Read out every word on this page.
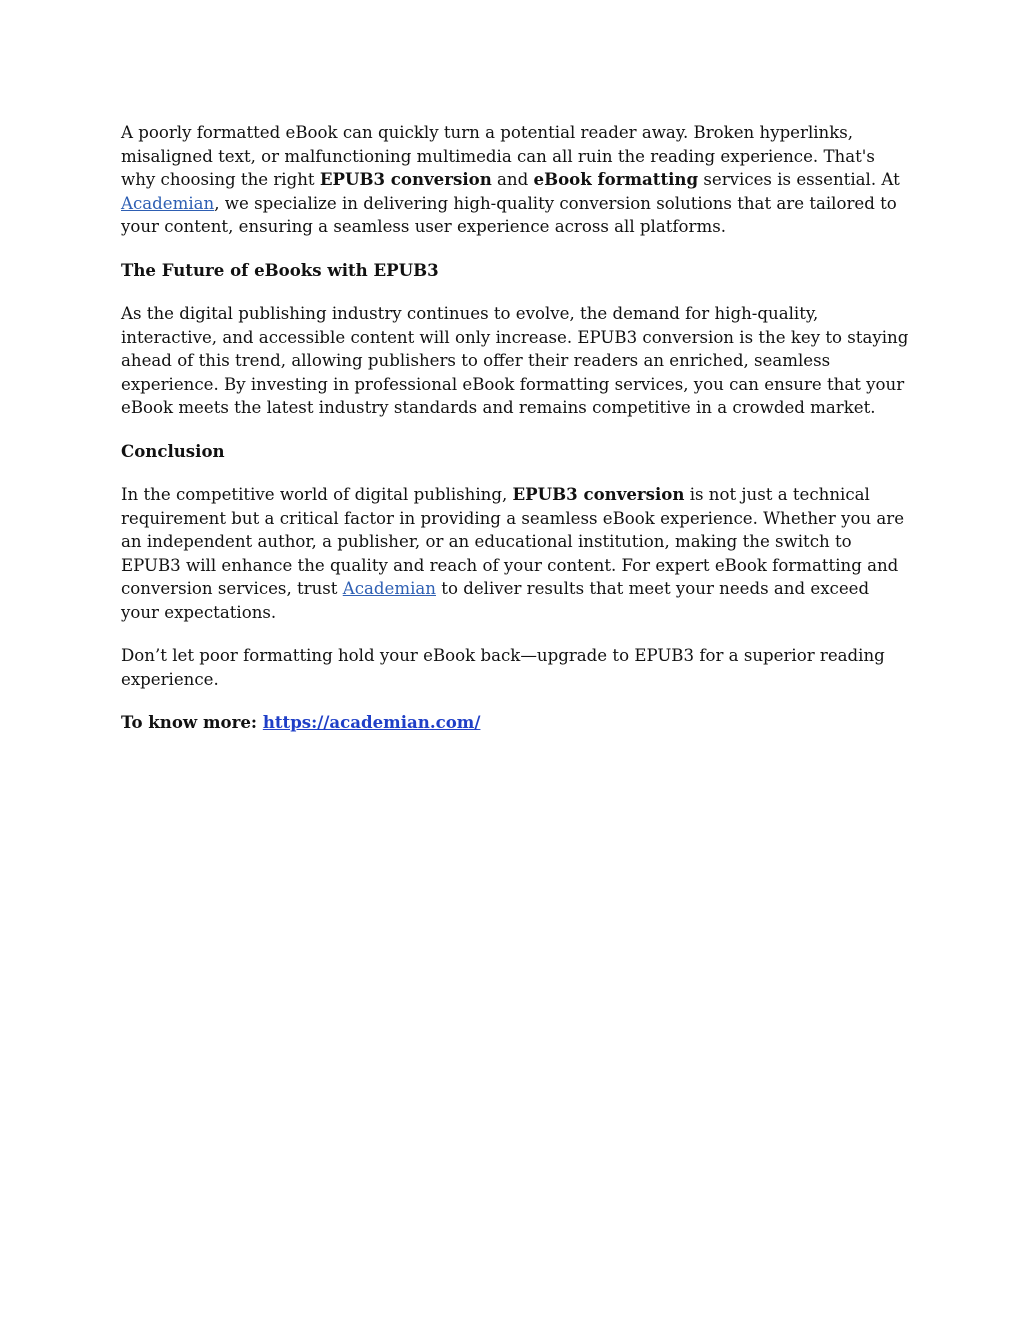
A poorly formatted eBook can quickly turn a potential reader away. Broken hyperlinks, misaligned text, or malfunctioning multimedia can all ruin the reading experience. That's why choosing the right EPUB3 conversion and eBook formatting services is essential. At Academian, we specialize in delivering high-quality conversion solutions that are tailored to your content, ensuring a seamless user experience across all platforms.

The Future of eBooks with EPUB3

As the digital publishing industry continues to evolve, the demand for high-quality, interactive, and accessible content will only increase. EPUB3 conversion is the key to staying ahead of this trend, allowing publishers to offer their readers an enriched, seamless experience. By investing in professional eBook formatting services, you can ensure that your eBook meets the latest industry standards and remains competitive in a crowded market.

Conclusion

In the competitive world of digital publishing, EPUB3 conversion is not just a technical requirement but a critical factor in providing a seamless eBook experience. Whether you are an independent author, a publisher, or an educational institution, making the switch to EPUB3 will enhance the quality and reach of your content. For expert eBook formatting and conversion services, trust Academian to deliver results that meet your needs and exceed your expectations.

Don’t let poor formatting hold your eBook back—upgrade to EPUB3 for a superior reading experience.

To know more: https://academian.com/
